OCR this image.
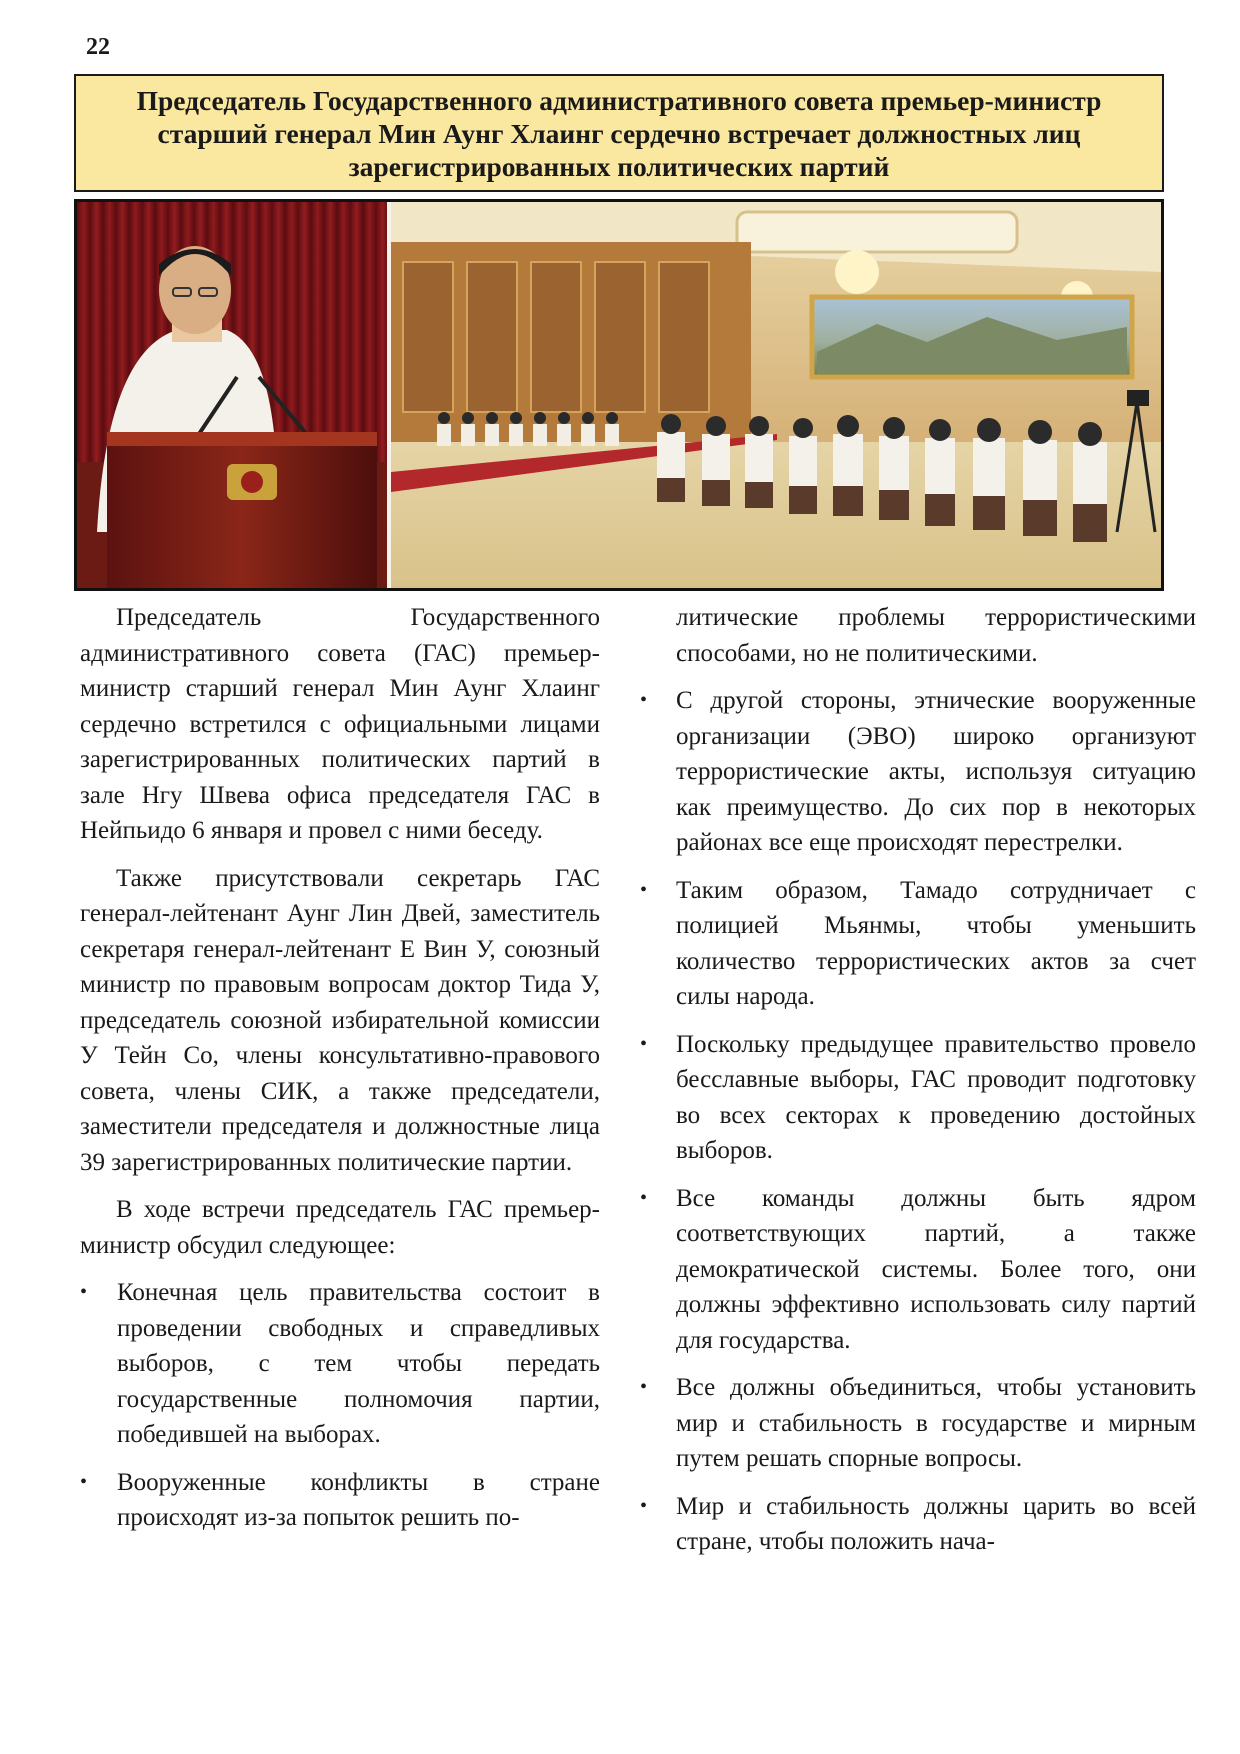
22
Председатель Государственного административного совета премьер-министр старший генерал Мин Аунг Хлаинг сердечно встречает должностных лиц зарегистрированных политических партий

Председатель Государственного административного совета (ГАС) премьер-министр старший генерал Мин Аунг Хлаинг сердечно встретился с официальными лицами зарегистрированных политических партий в зале Нгу Швева офиса председателя ГАС в Нейпьидо 6 января и провел с ними беседу.

Также присутствовали секретарь ГАС генерал-лейтенант Аунг Лин Двей, заместитель секретаря генерал-лейтенант Е Вин У, союзный министр по правовым вопросам доктор Тида У, председатель союзной избирательной комиссии У Тейн Со, члены консультативно-правового совета, члены СИК, а также председатели, заместители председателя и должностные лица 39 зарегистрированных политические партии.

В ходе встречи председатель ГАС премьер-министр обсудил следующее:

• Конечная цель правительства состоит в проведении свободных и справедливых выборов, с тем чтобы передать государственные полномочия партии, победившей на выборах.
• Вооруженные конфликты в стране происходят из-за попыток решить по-

литические проблемы террористическими способами, но не политическими.

• С другой стороны, этнические вооруженные организации (ЭВО) широко организуют террористические акты, используя ситуацию как преимущество. До сих пор в некоторых районах все еще происходят перестрелки.
• Таким образом, Тамадо сотрудничает с полицией Мьянмы, чтобы уменьшить количество террористических актов за счет силы народа.
• Поскольку предыдущее правительство провело бесславные выборы, ГАС проводит подготовку во всех секторах к проведению достойных выборов.
• Все команды должны быть ядром соответствующих партий, а также демократической системы. Более того, они должны эффективно использовать силу партий для государства.
• Все должны объединиться, чтобы установить мир и стабильность в государстве и мирным путем решать спорные вопросы.
• Мир и стабильность должны царить во всей стране, чтобы положить нача-
